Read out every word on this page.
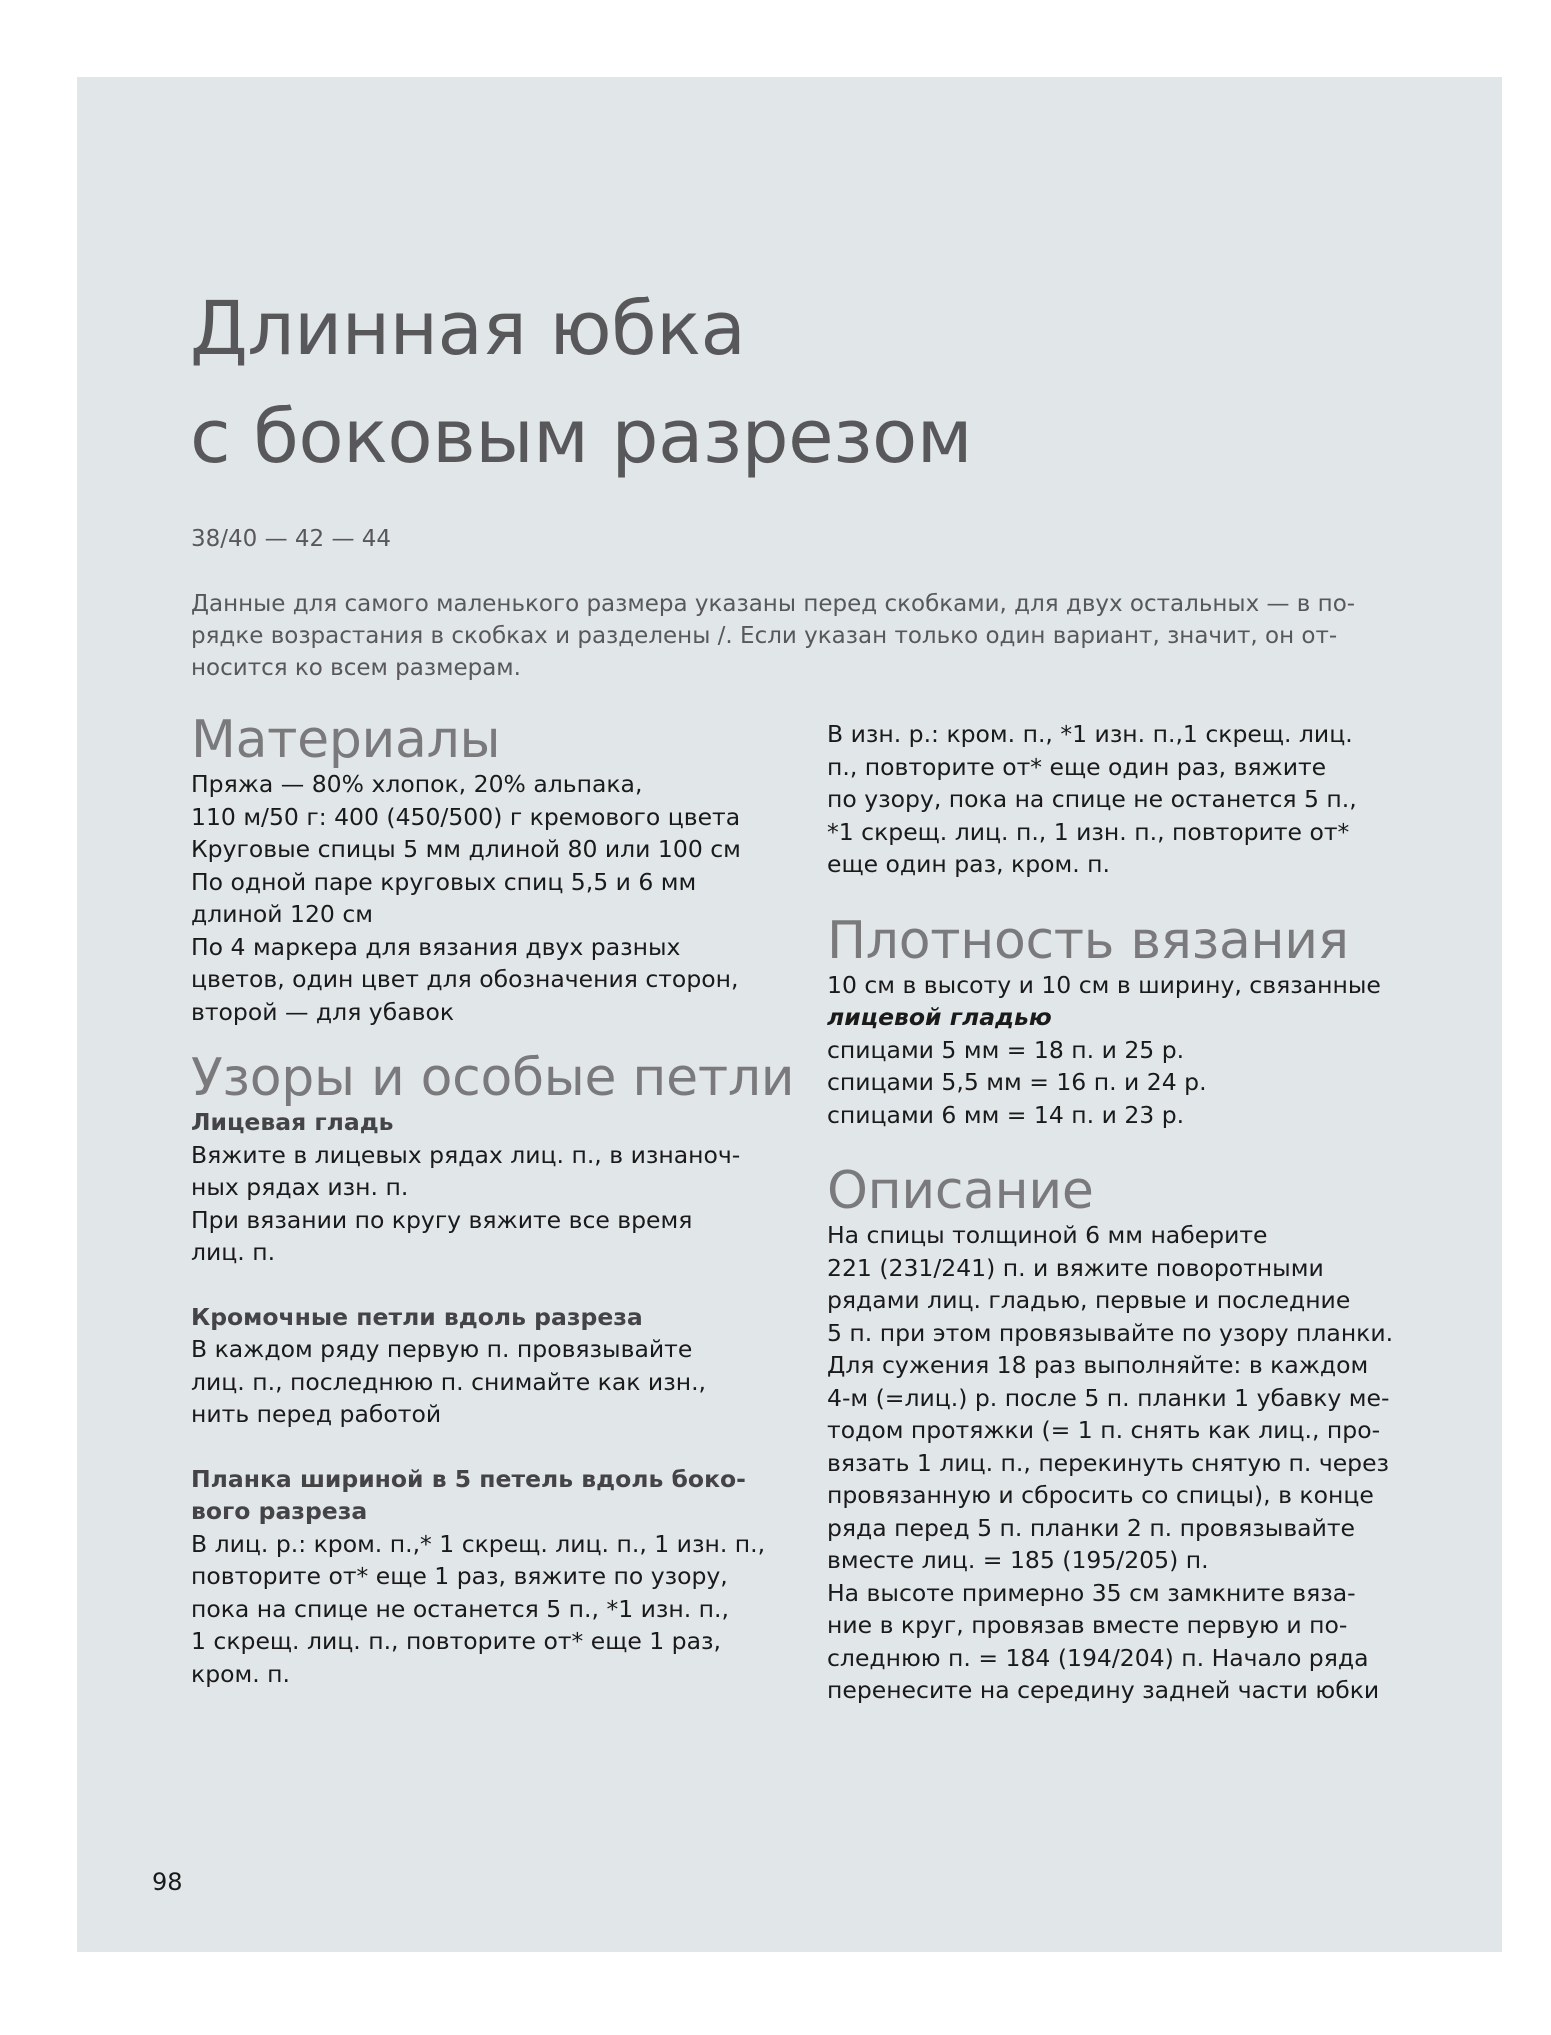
Длинная юбка
с боковым разрезом
38/40 — 42 — 44
Данные для самого маленького размера указаны перед скобками, для двух остальных — в по-
рядке возрастания в скобках и разделены /. Если указан только один вариант, значит, он от-
носится ко всем размерам.
Материалы
Пряжа — 80% хлопок, 20% альпака,
110 м/50 г: 400 (450/500) г кремового цвета
Круговые спицы 5 мм длиной 80 или 100 см
По одной паре круговых спиц 5,5 и 6 мм
длиной 120 см
По 4 маркера для вязания двух разных
цветов, один цвет для обозначения сторон,
второй — для убавок
Узоры и особые петли
Лицевая гладь
Вяжите в лицевых рядах лиц. п., в изнаноч-
ных рядах изн. п.
При вязании по кругу вяжите все время
лиц. п.
Кромочные петли вдоль разреза
В каждом ряду первую п. провязывайте
лиц. п., последнюю п. снимайте как изн.,
нить перед работой
Планка шириной в 5 петель вдоль боко-
вого разреза
В лиц. р.: кром. п.,* 1 скрещ. лиц. п., 1 изн. п.,
повторите от* еще 1 раз, вяжите по узору,
пока на спице не останется 5 п., *1 изн. п.,
1 скрещ. лиц. п., повторите от* еще 1 раз,
кром. п.
В изн. р.: кром. п., *1 изн. п.,1 скрещ. лиц.
п., повторите от* еще один раз, вяжите
по узору, пока на спице не останется 5 п.,
*1 скрещ. лиц. п., 1 изн. п., повторите от*
еще один раз, кром. п.
Плотность вязания
10 см в высоту и 10 см в ширину, связанные
лицевой гладью
спицами 5 мм = 18 п. и 25 р.
спицами 5,5 мм = 16 п. и 24 р.
спицами 6 мм = 14 п. и 23 р.
Описание
На спицы толщиной 6 мм наберите
221 (231/241) п. и вяжите поворотными
рядами лиц. гладью, первые и последние
5 п. при этом провязывайте по узору планки.
Для сужения 18 раз выполняйте: в каждом
4-м (=лиц.) р. после 5 п. планки 1 убавку ме-
тодом протяжки (= 1 п. снять как лиц., про-
вязать 1 лиц. п., перекинуть снятую п. через
провязанную и сбросить со спицы), в конце
ряда перед 5 п. планки 2 п. провязывайте
вместе лиц. = 185 (195/205) п.
На высоте примерно 35 см замкните вяза-
ние в круг, провязав вместе первую и по-
следнюю п. = 184 (194/204) п. Начало ряда
перенесите на середину задней части юбки
98
